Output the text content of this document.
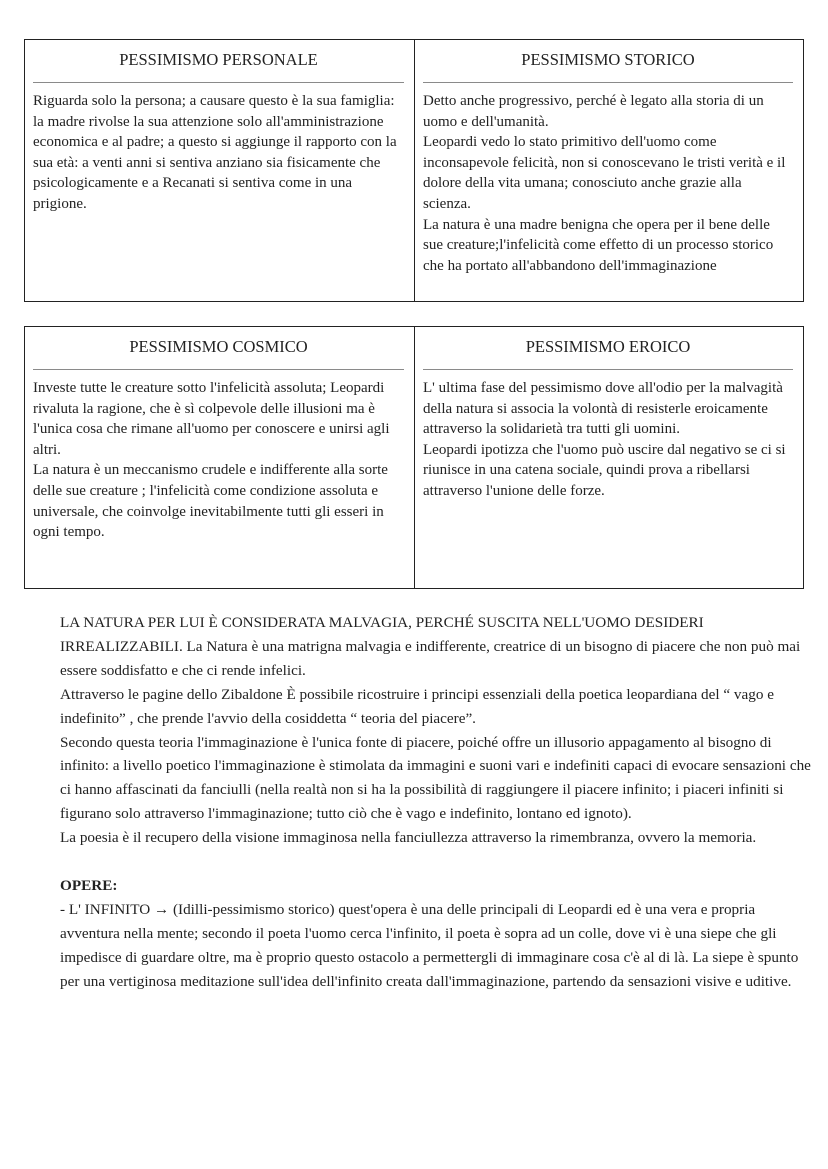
PESSIMISMO PERSONALE

Riguarda solo la persona; a causare questo è la sua famiglia: la madre rivolse la sua attenzione solo all'amministrazione economica e al padre; a questo si aggiunge il rapporto con la sua età: a venti anni si sentiva anziano sia fisicamente che psicologicamente e a Recanati si sentiva come in una prigione.

PESSIMISMO STORICO

Detto anche progressivo, perché è legato alla storia di un uomo e dell'umanità.

Leopardi vedo lo stato primitivo dell'uomo come inconsapevole felicità, non si conoscevano le tristi verità e il dolore della vita umana; conosciuto anche grazie alla scienza.

La natura è una madre benigna che opera per il bene delle sue creature;l'infelicità come effetto di un processo storico che ha portato all'abbandono dell'immaginazione

PESSIMISMO COSMICO

Investe tutte le creature sotto l'infelicità assoluta; Leopardi rivaluta la ragione, che è sì colpevole delle illusioni ma è l'unica cosa che rimane all'uomo per conoscere e unirsi agli altri.

La natura è un meccanismo crudele e indifferente alla sorte delle sue creature ; l'infelicità come condizione assoluta e universale, che coinvolge inevitabilmente tutti gli esseri in ogni tempo.

PESSIMISMO EROICO

L' ultima fase del pessimismo dove all'odio per la malvagità della natura si associa la volontà di resisterle eroicamente attraverso la solidarietà tra tutti gli uomini.

Leopardi ipotizza che l'uomo può uscire dal negativo se ci si riunisce in una catena sociale, quindi prova a ribellarsi attraverso l'unione delle forze.

LA NATURA PER LUI È CONSIDERATA MALVAGIA, PERCHÉ SUSCITA NELL'UOMO DESIDERI IRREALIZZABILI. La Natura è una matrigna malvagia e indifferente, creatrice di un bisogno di piacere che non può mai essere soddisfatto e che ci rende infelici.

Attraverso le pagine dello Zibaldone È possibile ricostruire i principi essenziali della poetica leopardiana del “ vago e indefinito” , che prende l'avvio della cosiddetta “ teoria del piacere”.

Secondo questa teoria l'immaginazione è l'unica fonte di piacere, poiché offre un illusorio appagamento al bisogno di infinito: a livello poetico l'immaginazione è stimolata da immagini e suoni vari e indefiniti capaci di evocare sensazioni che ci hanno affascinati da fanciulli (nella realtà non si ha la possibilità di raggiungere il piacere infinito; i piaceri infiniti si figurano solo attraverso l'immaginazione; tutto ciò che è vago e indefinito, lontano ed ignoto).

La poesia è il recupero della visione immaginosa nella fanciullezza attraverso la rimembranza, ovvero la memoria.

OPERE:

- L' INFINITO → (Idilli-pessimismo storico) quest'opera è una delle principali di Leopardi ed è una vera e propria avventura nella mente; secondo il poeta l'uomo cerca l'infinito, il poeta è sopra ad un colle, dove vi è una siepe che gli impedisce di guardare oltre, ma è proprio questo ostacolo a permettergli di immaginare cosa c'è al di là. La siepe è spunto per una vertiginosa meditazione sull'idea dell'infinito creata dall'immaginazione, partendo da sensazioni visive e uditive.
